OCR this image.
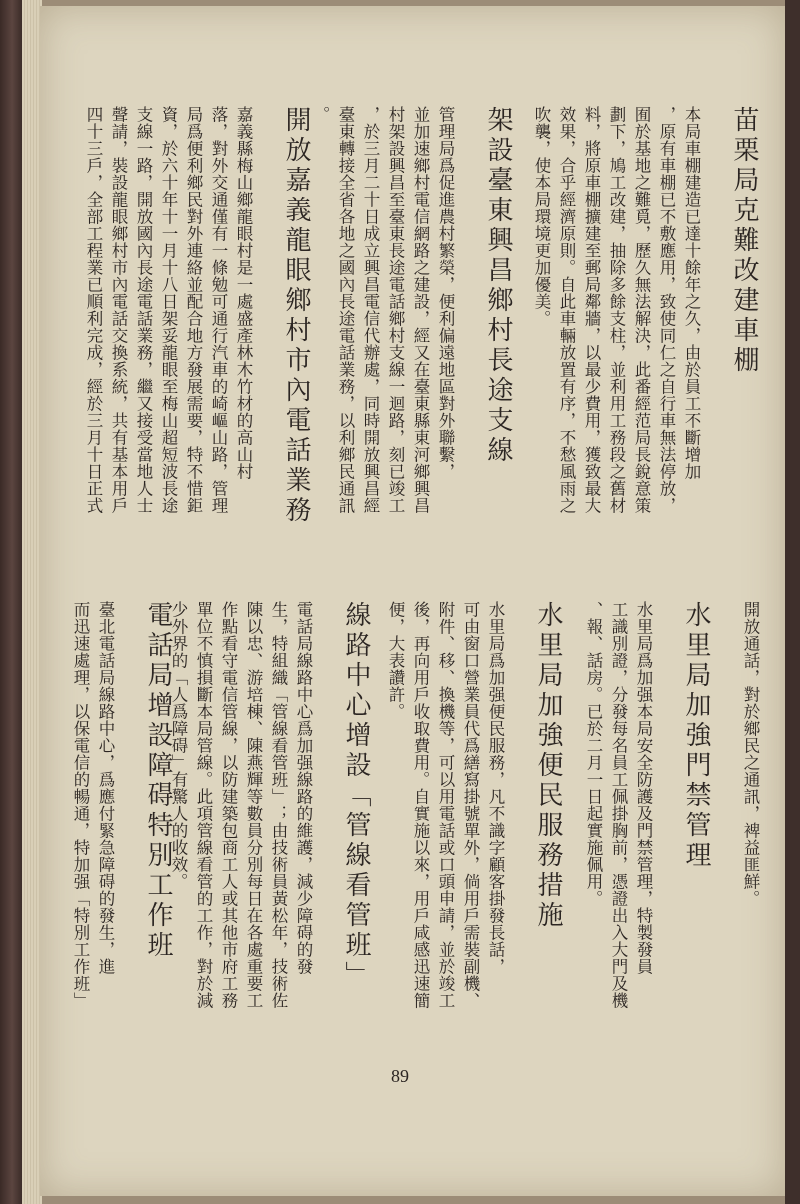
苗栗局克難改建車棚
本局車棚建造已達十餘年之久，由於員工不斷增加
，原有車棚已不敷應用，致使同仁之自行車無法停放，
囿於基地之難覓，歷久無法解決，此番經范局長銳意策
劃下，鳩工改建，抽除多餘支柱，並利用工務段之舊材
料，將原車棚擴建至郵局鄰牆，以最少費用，獲致最大
效果，合乎經濟原則。自此車輛放置有序，不愁風雨之
吹襲，使本局環境更加優美。
架設臺東興昌鄉村長途支線
管理局爲促進農村繁榮，便利偏遠地區對外聯繫，
並加速鄉村電信網路之建設，經又在臺東縣東河鄉興昌
村架設興昌至臺東長途電話鄉村支線一迴路，刻已竣工
，於三月二十日成立興昌電信代辦處，同時開放興昌經
臺東轉接全省各地之國內長途電話業務，以利鄉民通訊
。
開放嘉義龍眼鄉村市內電話業務
嘉義縣梅山鄉龍眼村是一處盛產林木竹材的高山村
落，對外交通僅有一條勉可通行汽車的崎嶇山路，管理
局爲便利鄉民對外連絡並配合地方發展需要，特不惜鉅
資，於六十年十一月十八日架妥龍眼至梅山超短波長途
支線一路，開放國內長途電話業務，繼又接受當地人士
聲請，裝設龍眼鄉村市內電話交換系統，共有基本用戶
四十三戶，全部工程業已順利完成，經於三月十日正式
開放通話，對於鄉民之通訊，裨益匪鮮。
水里局加強門禁管理
水里局爲加强本局安全防護及門禁管理，特製發員
工識別證，分發每名員工佩掛胸前，憑證出入大門及機
、報、話房。已於二月一日起實施佩用。
水里局加強便民服務措施
水里局爲加强便民服務，凡不識字顧客掛發長話，
可由窗口營業員代爲繕寫掛號單外，倘用戶需裝副機、
附件、移、換機等，可以用電話或口頭申請，並於竣工
後，再向用戶收取費用。自實施以來，用戶咸感迅速簡
便，大表讚許。
線路中心增設「管線看管班」
電話局線路中心爲加强線路的維護，減少障碍的發
生，特組織「管線看管班」；由技術員黃松年，技術佐
陳以忠、游培棟、陳燕輝等數員分別每日在各處重要工
作點看守電信管線，以防建築包商工人或其他市府工務
單位不慎損斷本局管線。此項管線看管的工作，對於減
少外界的「人爲障碍」有驚人的收效。
電話局增設障碍特別工作班
臺北電話局線路中心，爲應付緊急障碍的發生，進
而迅速處理，以保電信的暢通，特加强「特別工作班」
89
